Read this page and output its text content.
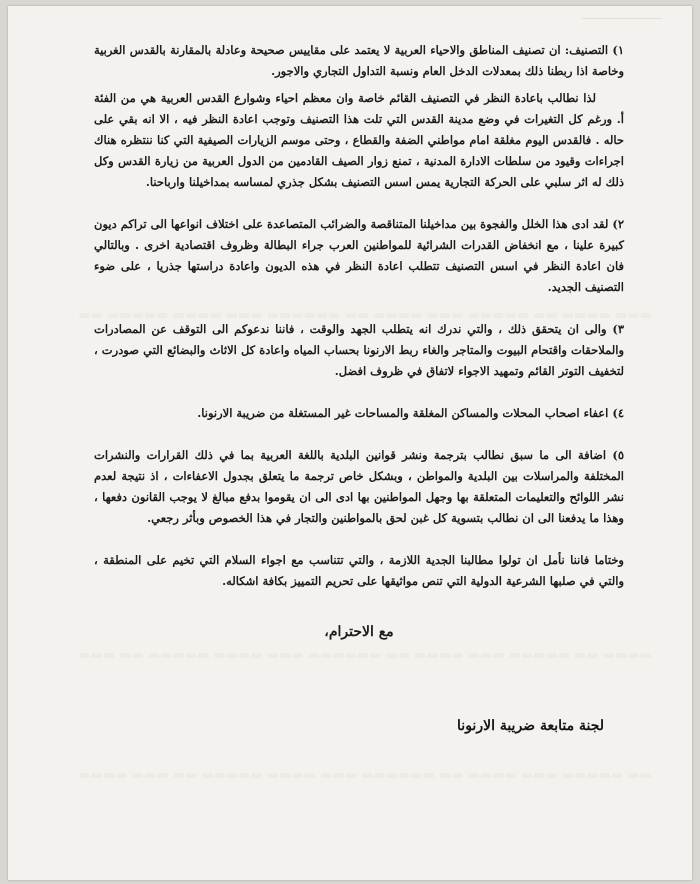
▬▬▬ ▬▬▬▬ ▬▬ ▬▬▬▬▬ ▬▬▬ ▬▬▬▬ ▬▬ ▬▬▬▬▬▬ ▬▬▬ ▬▬▬▬ ▬▬▬▬▬ ▬▬
▬▬▬▬ ▬▬ ▬▬▬▬▬ ▬▬▬ ▬▬▬▬ ▬▬ ▬▬▬▬▬▬ ▬▬▬ ▬▬▬▬ ▬▬▬▬▬ ▬▬ ▬▬▬
▬▬ ▬▬▬▬▬ ▬▬▬ ▬▬▬▬ ▬▬ ▬▬▬▬▬▬ ▬▬▬ ▬▬▬▬ ▬▬▬▬▬ ▬▬ ▬▬▬ ▬▬▬▬

١) التصنيف: ان تصنيف المناطق والاحياء العربية لا يعتمد على مقاييس صحيحة وعادلة بالمقارنة بالقدس الغربية وخاصة اذا ربطنا ذلك بمعدلات الدخل العام ونسبة التداول التجاري والاجور.

لذا نطالب باعادة النظر في التصنيف القائم خاصة وان معظم احياء وشوارع القدس العربية هي من الفئة أ. ورغم كل التغيرات في وضع مدينة القدس التي تلت هذا التصنيف وتوجب اعادة النظر فيه ، الا انه بقي على حاله . فالقدس اليوم مغلقة امام مواطني الضفة والقطاع ، وحتى موسم الزيارات الصيفية التي كنا ننتظره هناك اجراءات وقيود من سلطات الادارة المدنية ، تمنع زوار الصيف القادمين من الدول العربية من زيارة القدس وكل ذلك له اثر سلبي على الحركة التجارية يمس اسس التصنيف بشكل جذري لمساسه بمداخيلنا وارباحنا.

٢) لقد ادى هذا الخلل والفجوة بين مداخيلنا المتناقصة والضرائب المتصاعدة على اختلاف انواعها الى تراكم ديون كبيرة علينا ، مع انخفاض القدرات الشرائية للمواطنين العرب جراء البطالة وظروف اقتصادية اخرى . وبالتالي فان اعادة النظر في اسس التصنيف تتطلب اعادة النظر في هذه الديون واعادة دراستها جذريا ، على ضوء التصنيف الجديد.

٣) والى ان يتحقق ذلك ، والتي ندرك انه يتطلب الجهد والوقت ، فاننا ندعوكم الى التوقف عن المصادرات والملاحقات واقتحام البيوت والمتاجر والغاء ربط الارنونا بحساب المياه واعادة كل الاثاث والبضائع التي صودرت ، لتخفيف التوتر القائم وتمهيد الاجواء لاتفاق في ظروف افضل.

٤) اعفاء اصحاب المحلات والمساكن المغلقة والمساحات غير المستغلة من ضريبة الارنونا.

٥) اضافة الى ما سبق نطالب بترجمة ونشر قوانين البلدية باللغة العربية بما في ذلك القرارات والنشرات المختلفة والمراسلات بين البلدية والمواطن ، وبشكل خاص ترجمة ما يتعلق بجدول الاعفاءات ، اذ نتيجة لعدم نشر اللوائح والتعليمات المتعلقة بها وجهل المواطنين بها ادى الى ان يقوموا بدفع مبالغ لا يوجب القانون دفعها ، وهذا ما يدفعنا الى ان نطالب بتسوية كل غبن لحق بالمواطنين والتجار في هذا الخصوص وبأثر رجعي.

وختاما فاننا نأمل ان تولوا مطالبنا الجدية اللازمة ، والتي تتناسب مع اجواء السلام التي تخيم على المنطقة ، والتي في صلبها الشرعية الدولية التي تنص مواثيقها على تحريم التمييز بكافة اشكاله.

مع الاحترام،

لجنة متابعة ضريبة الارنونا
